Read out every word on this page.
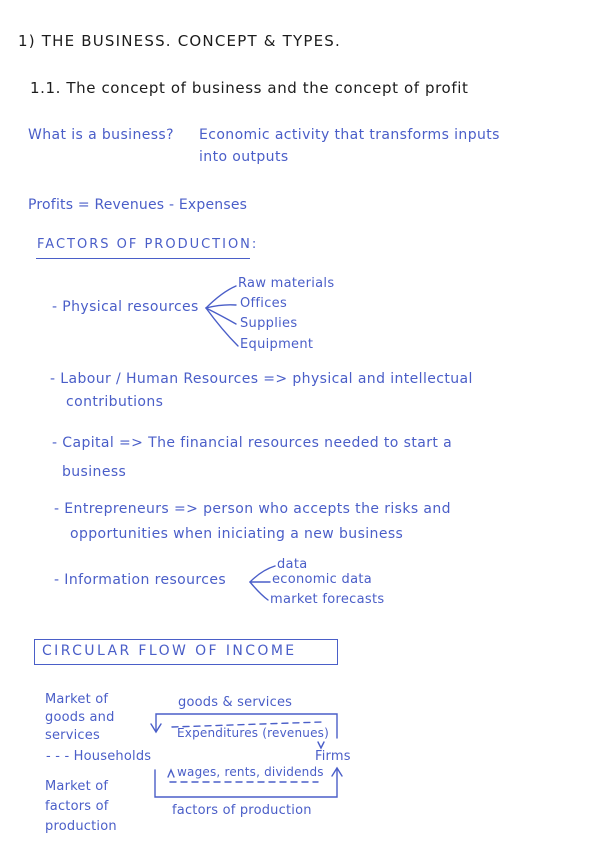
1) THE BUSINESS. CONCEPT & TYPES.
1.1. The concept of business and the concept of profit
What is a business? Economic activity that transforms inputs
into outputs
Profits = Revenues - Expenses
FACTORS OF PRODUCTION:
- Physical resources
Raw materials
Offices
Supplies
Equipment
- Labour / Human Resources => physical and intellectual
contributions
- Capital => The financial resources needed to start a
business
- Entrepreneurs => person who accepts the risks and
opportunities when iniciating a new business
- Information resources
data
economic data
market forecasts
CIRCULAR FLOW OF INCOME
Market of
goods and
services
goods & services
Expenditures (revenues)
- - - Households	Firms
wages, rents, dividends
Market of
factors of
production
factors of production
